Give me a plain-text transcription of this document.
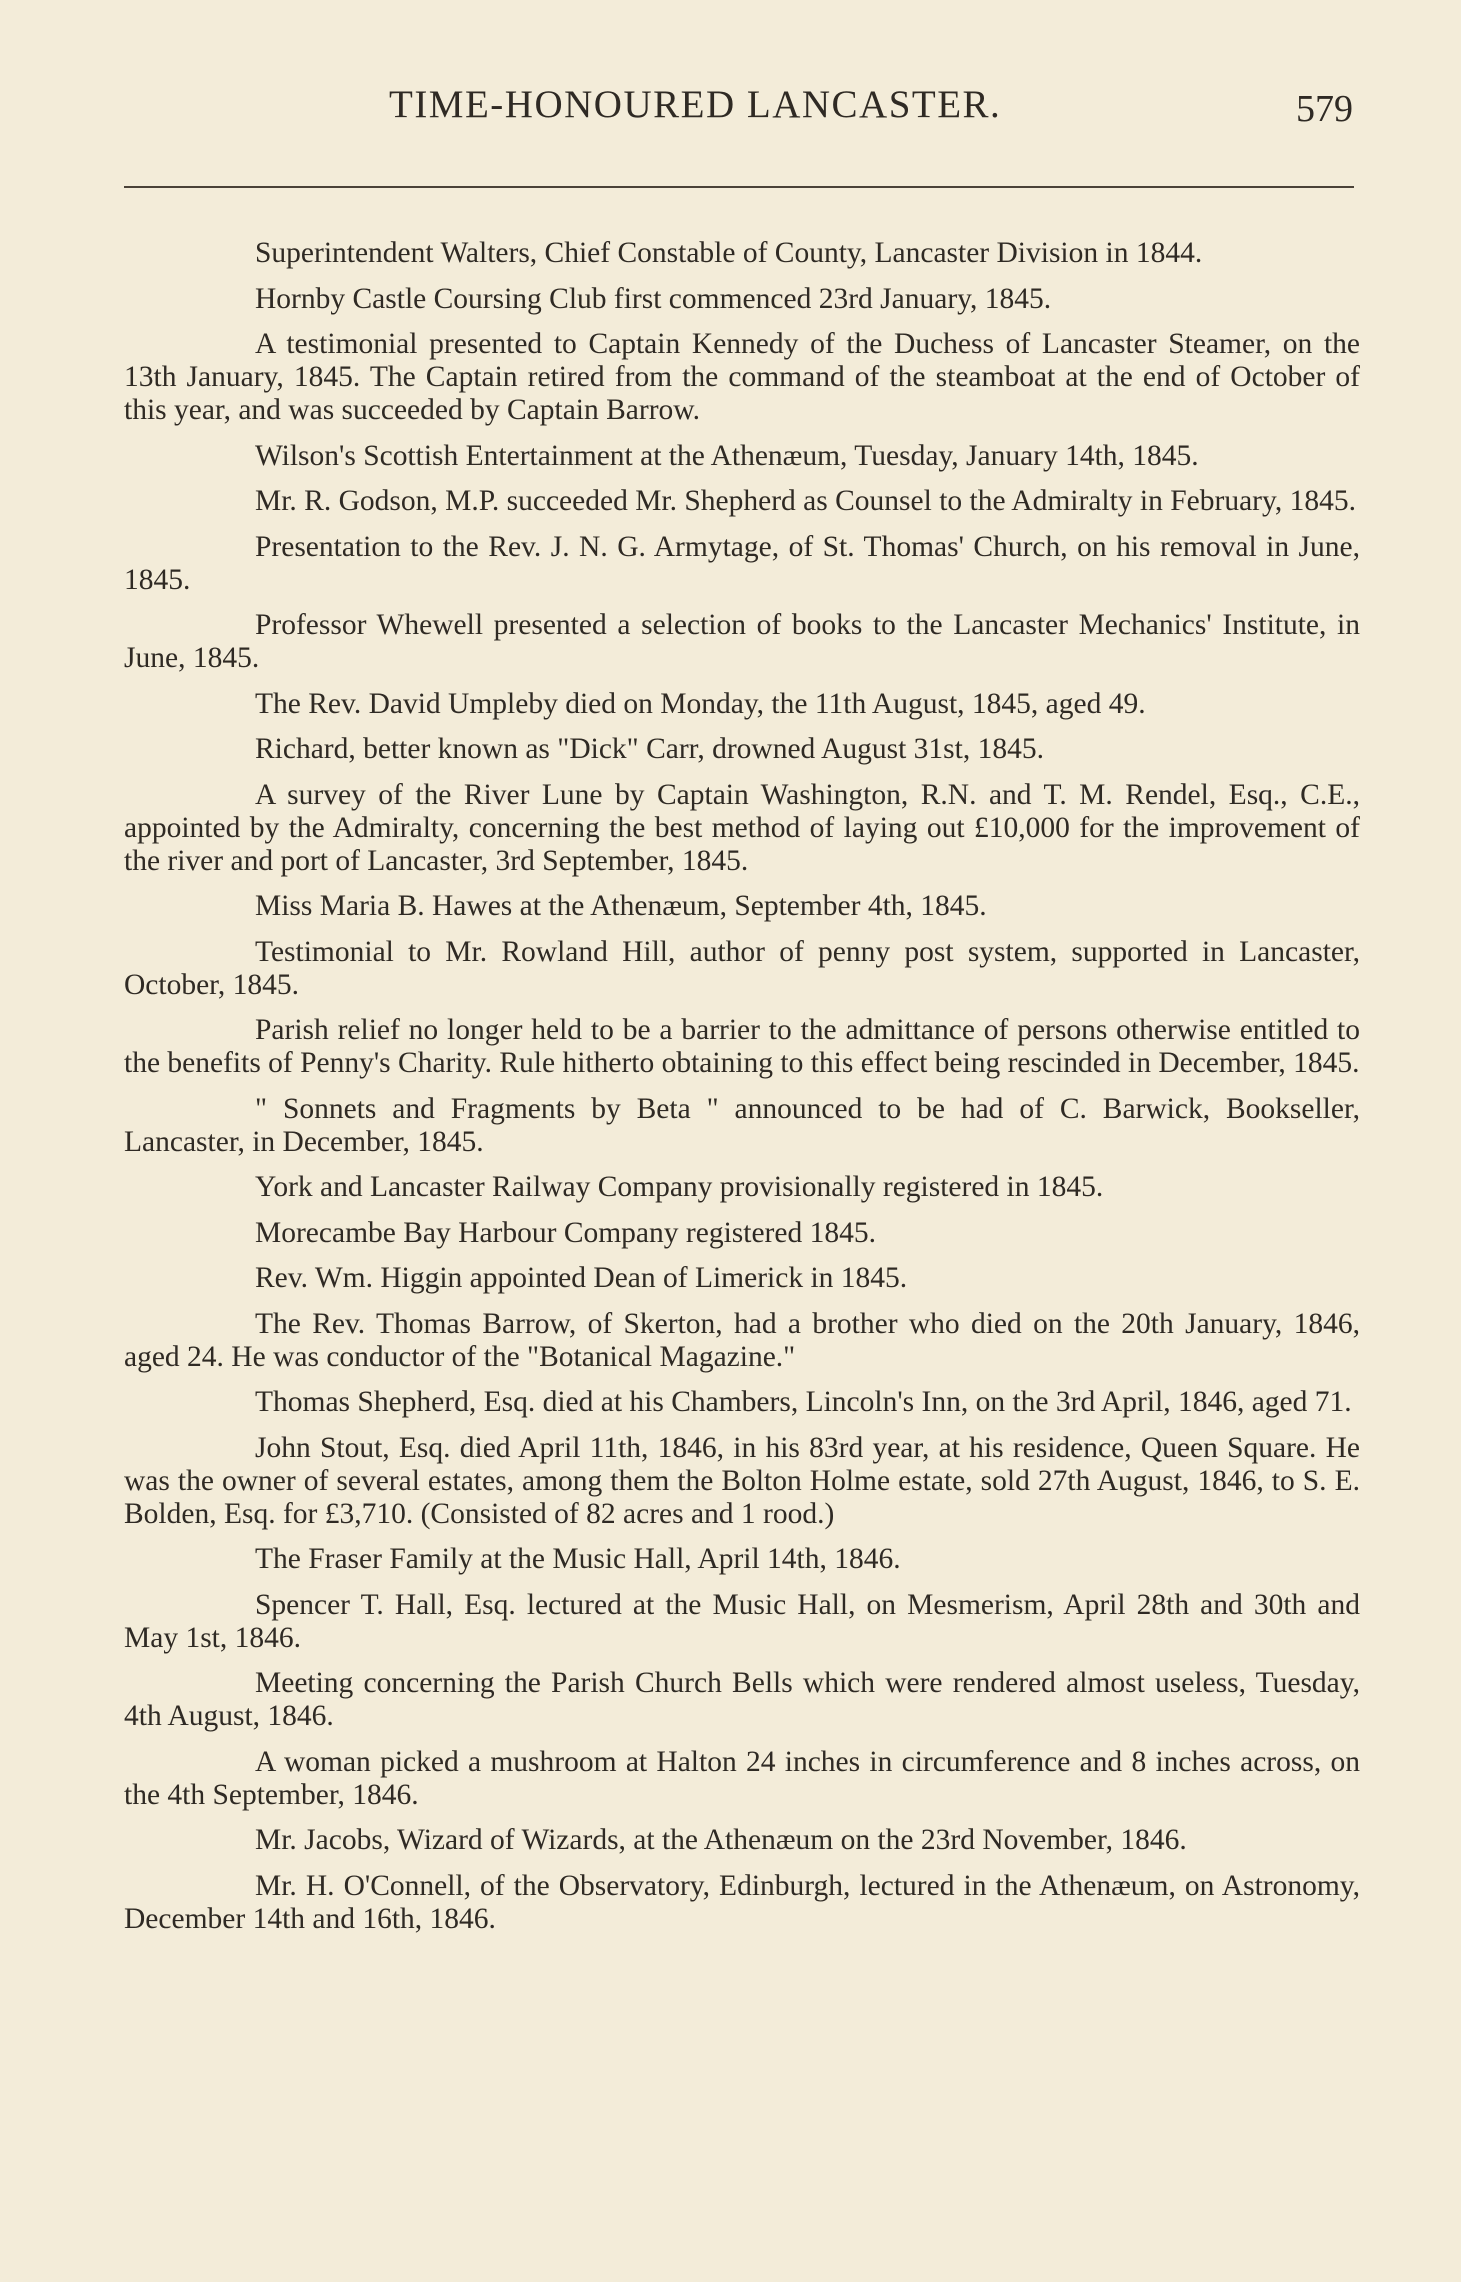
TIME-HONOURED LANCASTER.	579

Superintendent Walters, Chief Constable of County, Lancaster Division in 1844.

Hornby Castle Coursing Club first commenced 23rd January, 1845.

A testimonial presented to Captain Kennedy of the Duchess of Lancaster Steamer, on the 13th January, 1845. The Captain retired from the command of the steamboat at the end of October of this year, and was succeeded by Captain Barrow.

Wilson's Scottish Entertainment at the Athenæum, Tuesday, January 14th, 1845.

Mr. R. Godson, M.P. succeeded Mr. Shepherd as Counsel to the Admiralty in February, 1845.

Presentation to the Rev. J. N. G. Armytage, of St. Thomas' Church, on his removal in June, 1845.

Professor Whewell presented a selection of books to the Lancaster Mechanics' Institute, in June, 1845.

The Rev. David Umpleby died on Monday, the 11th August, 1845, aged 49.

Richard, better known as "Dick" Carr, drowned August 31st, 1845.

A survey of the River Lune by Captain Washington, R.N. and T. M. Rendel, Esq., C.E., appointed by the Admiralty, concerning the best method of laying out £10,000 for the improvement of the river and port of Lancaster, 3rd September, 1845.

Miss Maria B. Hawes at the Athenæum, September 4th, 1845.

Testimonial to Mr. Rowland Hill, author of penny post system, supported in Lancaster, October, 1845.

Parish relief no longer held to be a barrier to the admittance of persons otherwise entitled to the benefits of Penny's Charity. Rule hitherto obtaining to this effect being rescinded in December, 1845.

" Sonnets and Fragments by Beta " announced to be had of C. Barwick, Bookseller, Lancaster, in December, 1845.

York and Lancaster Railway Company provisionally registered in 1845.

Morecambe Bay Harbour Company registered 1845.

Rev. Wm. Higgin appointed Dean of Limerick in 1845.

The Rev. Thomas Barrow, of Skerton, had a brother who died on the 20th January, 1846, aged 24. He was conductor of the "Botanical Magazine."

Thomas Shepherd, Esq. died at his Chambers, Lincoln's Inn, on the 3rd April, 1846, aged 71.

John Stout, Esq. died April 11th, 1846, in his 83rd year, at his residence, Queen Square. He was the owner of several estates, among them the Bolton Holme estate, sold 27th August, 1846, to S. E. Bolden, Esq. for £3,710. (Consisted of 82 acres and 1 rood.)

The Fraser Family at the Music Hall, April 14th, 1846.

Spencer T. Hall, Esq. lectured at the Music Hall, on Mesmerism, April 28th and 30th and May 1st, 1846.

Meeting concerning the Parish Church Bells which were rendered almost useless, Tuesday, 4th August, 1846.

A woman picked a mushroom at Halton 24 inches in circumference and 8 inches across, on the 4th September, 1846.

Mr. Jacobs, Wizard of Wizards, at the Athenæum on the 23rd November, 1846.

Mr. H. O'Connell, of the Observatory, Edinburgh, lectured in the Athenæum, on Astronomy, December 14th and 16th, 1846.
